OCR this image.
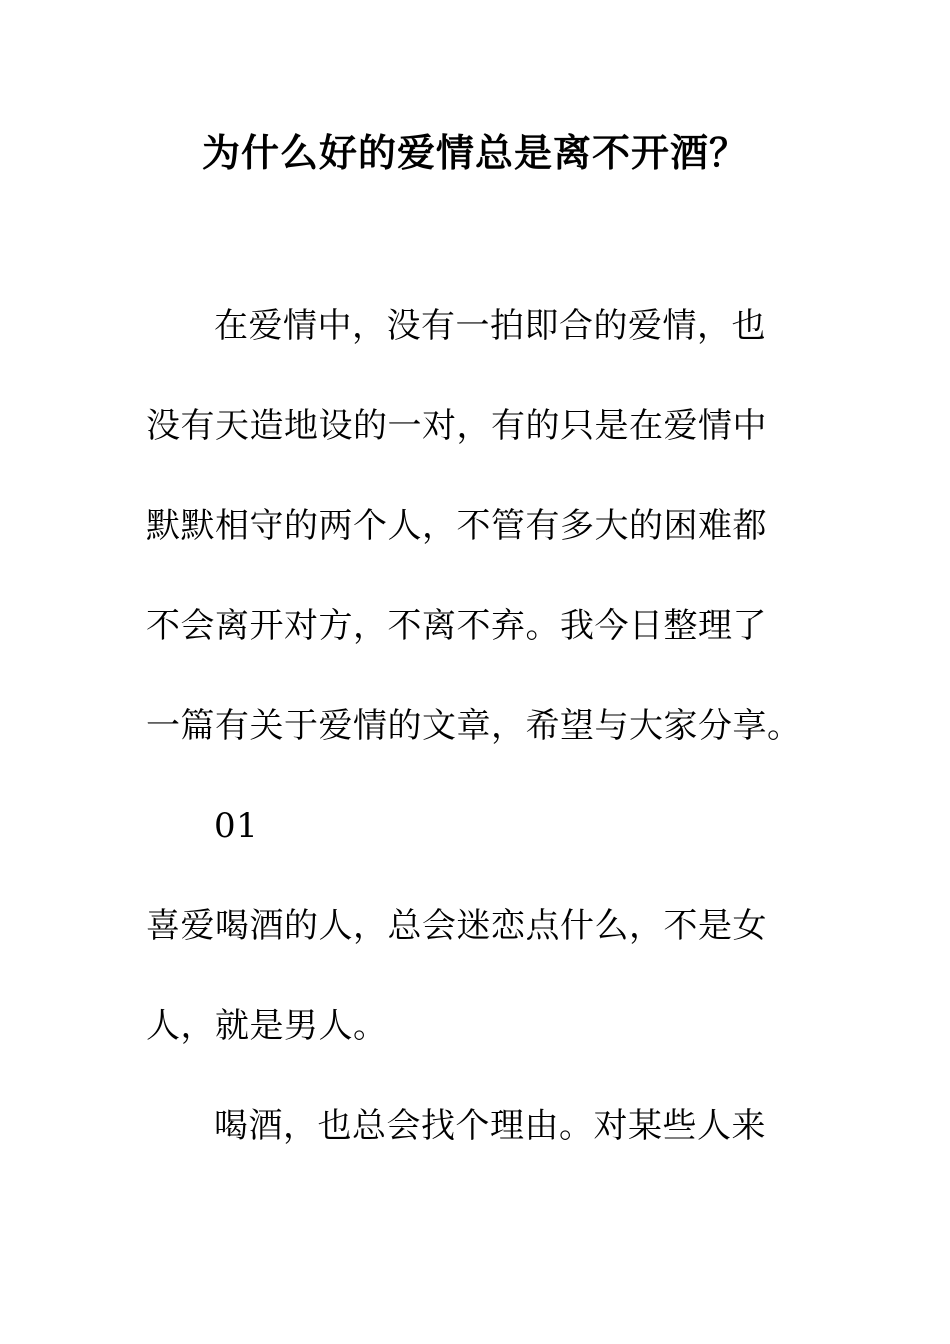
为什么好的爱情总是离不开酒？
在爱情中，没有一拍即合的爱情，也
没有天造地设的一对，有的只是在爱情中
默默相守的两个人，不管有多大的困难都
不会离开对方，不离不弃。我今日整理了
一篇有关于爱情的文章，希望与大家分享。
01
喜爱喝酒的人，总会迷恋点什么，不是女
人，就是男人。
喝酒，也总会找个理由。对某些人来
